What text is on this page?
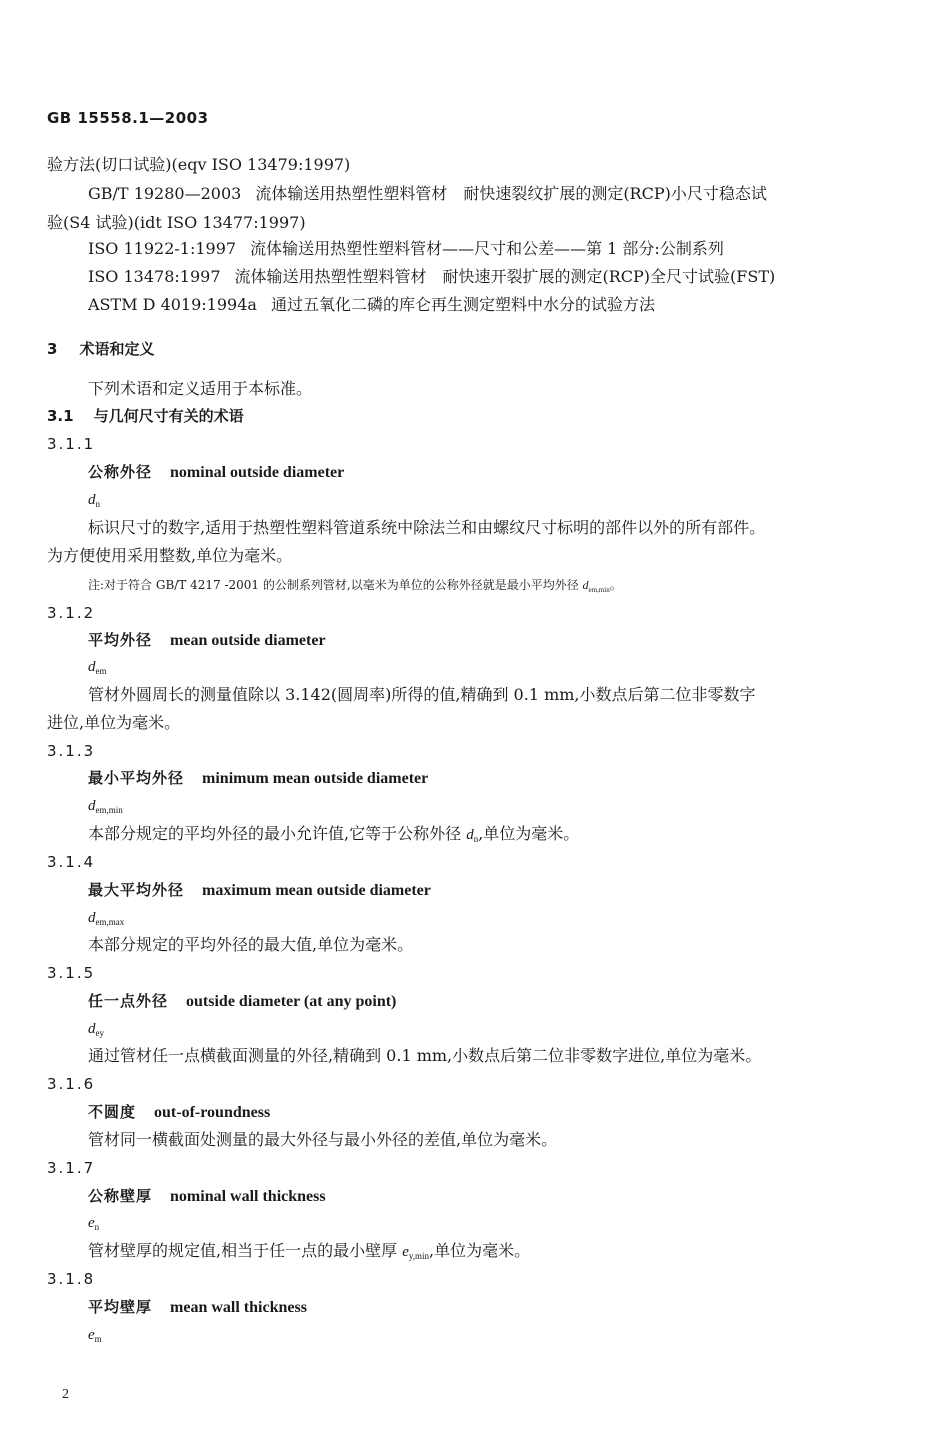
GB 15558.1—2003
验方法(切口试验)(eqv ISO 13479:1997)
GB/T 19280—2003 流体输送用热塑性塑料管材　耐快速裂纹扩展的测定(RCP)小尺寸稳态试
验(S4 试验)(idt ISO 13477:1997)
ISO 11922-1:1997 流体输送用热塑性塑料管材——尺寸和公差——第 1 部分:公制系列
ISO 13478:1997 流体输送用热塑性塑料管材　耐快速开裂扩展的测定(RCP)全尺寸试验(FST)
ASTM D 4019:1994a 通过五氧化二磷的库仑再生测定塑料中水分的试验方法
3 术语和定义
下列术语和定义适用于本标准。
3.1 与几何尺寸有关的术语
3.1.1
公称外径 nominal outside diameter
$d_n$
标识尺寸的数字,适用于热塑性塑料管道系统中除法兰和由螺纹尺寸标明的部件以外的所有部件。
为方便使用采用整数,单位为毫米。
注:对于符合 GB/T 4217 -2001 的公制系列管材,以毫米为单位的公称外径就是最小平均外径 $d_{em,min}$。
3.1.2
平均外径 mean outside diameter
$d_{em}$
管材外圆周长的测量值除以 3.142(圆周率)所得的值,精确到 0.1 mm,小数点后第二位非零数字
进位,单位为毫米。
3.1.3
最小平均外径 minimum mean outside diameter
$d_{em,min}$
本部分规定的平均外径的最小允许值,它等于公称外径 $d_n$,单位为毫米。
3.1.4
最大平均外径 maximum mean outside diameter
$d_{em,max}$
本部分规定的平均外径的最大值,单位为毫米。
3.1.5
任一点外径 outside diameter (at any point)
$d_{ey}$
通过管材任一点横截面测量的外径,精确到 0.1 mm,小数点后第二位非零数字进位,单位为毫米。
3.1.6
不圆度 out-of-roundness
管材同一横截面处测量的最大外径与最小外径的差值,单位为毫米。
3.1.7
公称壁厚 nominal wall thickness
$e_n$
管材壁厚的规定值,相当于任一点的最小壁厚 $e_{y,min}$,单位为毫米。
3.1.8
平均壁厚 mean wall thickness
$e_m$
2
